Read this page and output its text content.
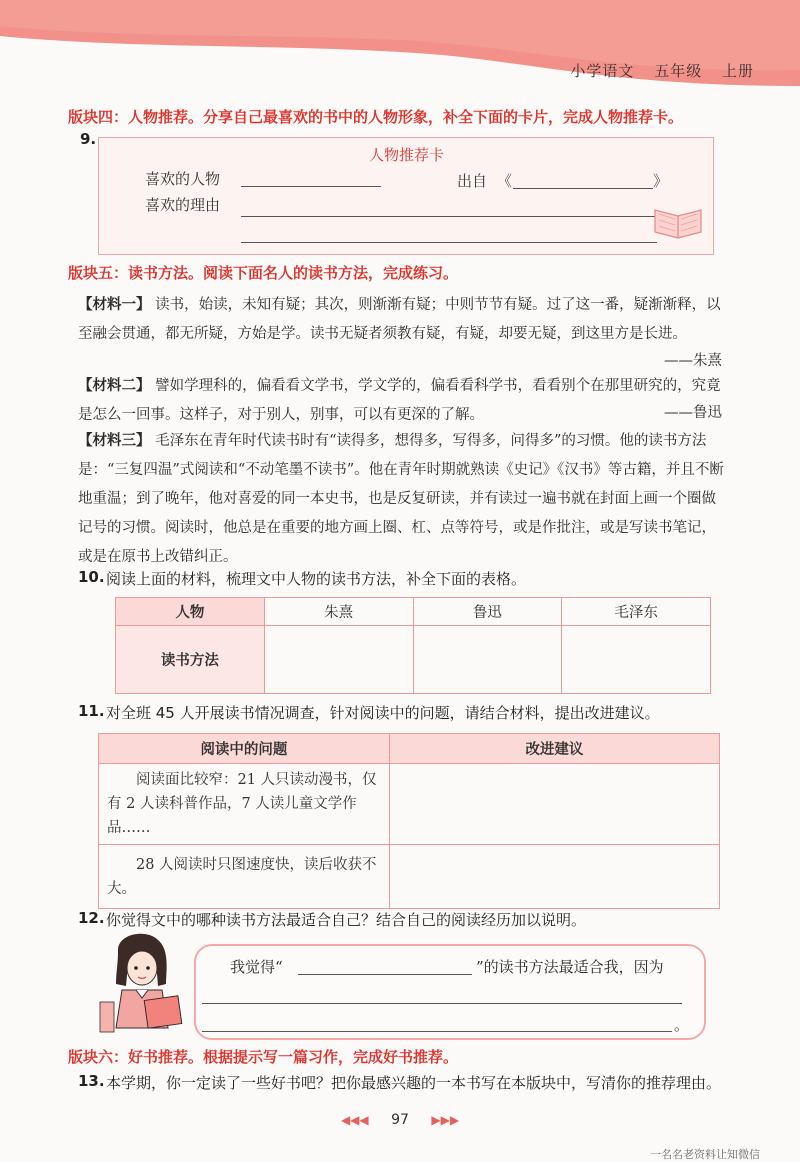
小学语文 五年级 上册
版块四：人物推荐。分享自己最喜欢的书中的人物形象，补全下面的卡片，完成人物推荐卡。
9.
人物推荐卡
喜欢的人物	出自 《	》
喜欢的理由
版块五：读书方法。阅读下面名人的读书方法，完成练习。
【材料一】 读书，始读，未知有疑；其次，则渐渐有疑；中则节节有疑。过了这一番，疑渐渐释，以至融会贯通，都无所疑，方始是学。读书无疑者须教有疑，有疑，却要无疑，到这里方是长进。
——朱熹
【材料二】 譬如学理科的，偏看看文学书，学文学的，偏看看科学书，看看别个在那里研究的，究竟是怎么一回事。这样子，对于别人，别事，可以有更深的了解。	——鲁迅
【材料三】 毛泽东在青年时代读书时有“读得多，想得多，写得多，问得多”的习惯。他的读书方法是：“三复四温”式阅读和“不动笔墨不读书”。他在青年时期就熟读《史记》《汉书》等古籍，并且不断地重温；到了晚年，他对喜爱的同一本史书，也是反复研读，并有读过一遍书就在封面上画一个圈做记号的习惯。阅读时，他总是在重要的地方画上圈、杠、点等符号，或是作批注，或是写读书笔记，或是在原书上改错纠正。
10. 阅读上面的材料，梳理文中人物的读书方法，补全下面的表格。
人物	朱熹	鲁迅	毛泽东
读书方法			
11. 对全班 45 人开展读书情况调查，针对阅读中的问题，请结合材料，提出改进建议。
阅读中的问题	改进建议
阅读面比较窄：21 人只读动漫书，仅有 2 人读科普作品，7 人读儿童文学作品……	
28 人阅读时只图速度快，读后收获不大。	
12. 你觉得文中的哪种读书方法最适合自己？结合自己的阅读经历加以说明。
我觉得“	”的读书方法最适合我，因为
。
版块六：好书推荐。根据提示写一篇习作，完成好书推荐。
13. 本学期，你一定读了一些好书吧？把你最感兴趣的一本书写在本版块中，写清你的推荐理由。
◀◀◀ 97 ▶▶▶
一名名老资料让知微信
